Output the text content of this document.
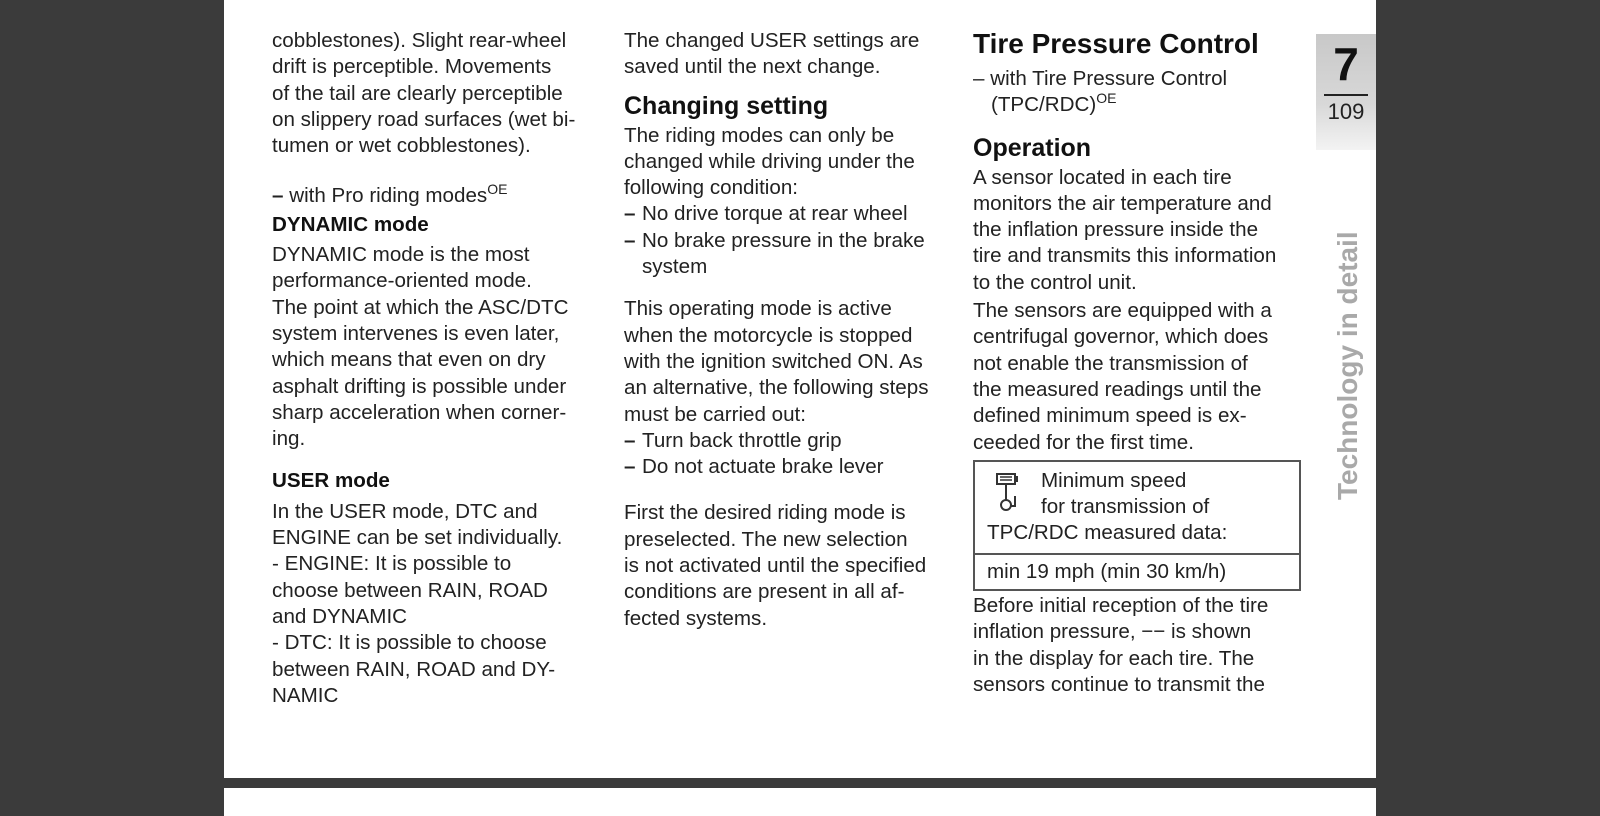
cobblestones). Slight rear-wheel
drift is perceptible. Movements
of the tail are clearly perceptible
on slippery road surfaces (wet bi-
tumen or wet cobblestones).
– with Pro riding modes$^{OE}$
DYNAMIC mode
DYNAMIC mode is the most
performance-oriented mode.
The point at which the ASC/DTC
system intervenes is even later,
which means that even on dry
asphalt drifting is possible under
sharp acceleration when corner-
ing.
USER mode
In the USER mode, DTC and
ENGINE can be set individually.
- ENGINE: It is possible to
choose between RAIN, ROAD
and DYNAMIC
- DTC: It is possible to choose
between RAIN, ROAD and DY-
NAMIC
The changed USER settings are
saved until the next change.
Changing setting
The riding modes can only be
changed while driving under the
following condition:
– No drive torque at rear wheel
– No brake pressure in the brake
system
This operating mode is active
when the motorcycle is stopped
with the ignition switched ON. As
an alternative, the following steps
must be carried out:
– Turn back throttle grip
– Do not actuate brake lever
First the desired riding mode is
preselected. The new selection
is not activated until the specified
conditions are present in all af-
fected systems.
Tire Pressure Control
– with Tire Pressure Control
$(TPC/RDC)^{OE}$
Operation
A sensor located in each tire
monitors the air temperature and
the inflation pressure inside the
tire and transmits this information
to the control unit.
The sensors are equipped with a
centrifugal governor, which does
not enable the transmission of
the measured readings until the
defined minimum speed is ex-
ceeded for the first time.
Minimum speed
for transmission of
TPC/RDC measured data:
min 19 mph (min 30 km/h)
Before initial reception of the tire
inflation pressure, −− is shown
in the display for each tire. The
sensors continue to transmit the
7
109
Technology in detail
